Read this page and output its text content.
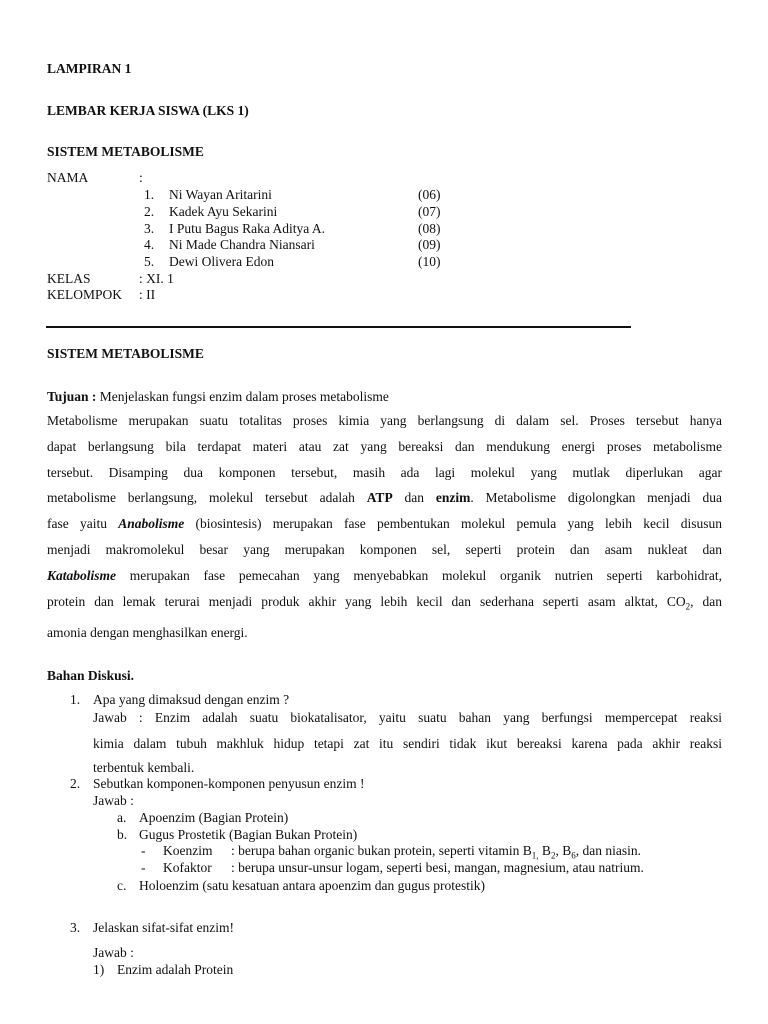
LAMPIRAN 1
LEMBAR KERJA SISWA (LKS 1)
SISTEM METABOLISME
NAMA	:
1. Ni Wayan Aritarini	(06)
2. Kadek Ayu Sekarini	(07)
3. I Putu Bagus Raka Aditya A.	(08)
4. Ni Made Chandra Niansari	(09)
5. Dewi Olivera Edon	(10)
KELAS	: XI. 1
KELOMPOK : II
SISTEM METABOLISME
Tujuan : Menjelaskan fungsi enzim dalam proses metabolisme
Metabolisme merupakan suatu totalitas proses kimia yang berlangsung di dalam sel. Proses tersebut hanya
dapat berlangsung bila terdapat materi atau zat yang bereaksi dan mendukung energi proses metabolisme
tersebut. Disamping dua komponen tersebut, masih ada lagi molekul yang mutlak diperlukan agar
metabolisme berlangsung, molekul tersebut adalah ATP dan enzim. Metabolisme digolongkan menjadi dua
fase yaitu Anabolisme (biosintesis) merupakan fase pembentukan molekul pemula yang lebih kecil disusun
menjadi makromolekul besar yang merupakan komponen sel, seperti protein dan asam nukleat dan
Katabolisme merupakan fase pemecahan yang menyebabkan molekul organik nutrien seperti karbohidrat,
protein dan lemak terurai menjadi produk akhir yang lebih kecil dan sederhana seperti asam alktat, $CO_2$, dan
amonia dengan menghasilkan energi.
Bahan Diskusi.
1. Apa yang dimaksud dengan enzim ?
Jawab : Enzim adalah suatu biokatalisator, yaitu suatu bahan yang berfungsi mempercepat reaksi
kimia dalam tubuh makhluk hidup tetapi zat itu sendiri tidak ikut bereaksi karena pada akhir reaksi
terbentuk kembali.
2. Sebutkan komponen-komponen penyusun enzim !
Jawab :
a. Apoenzim (Bagian Protein)
b. Gugus Prostetik (Bagian Bukan Protein)
- Koenzim : berupa bahan organic bukan protein, seperti vitamin $B_{1,}$ $B_2$, $B_6$, dan niasin.
- Kofaktor : berupa unsur-unsur logam, seperti besi, mangan, magnesium, atau natrium.
c. Holoenzim (satu kesatuan antara apoenzim dan gugus protestik)
3. Jelaskan sifat-sifat enzim!
Jawab :
1) Enzim adalah Protein
